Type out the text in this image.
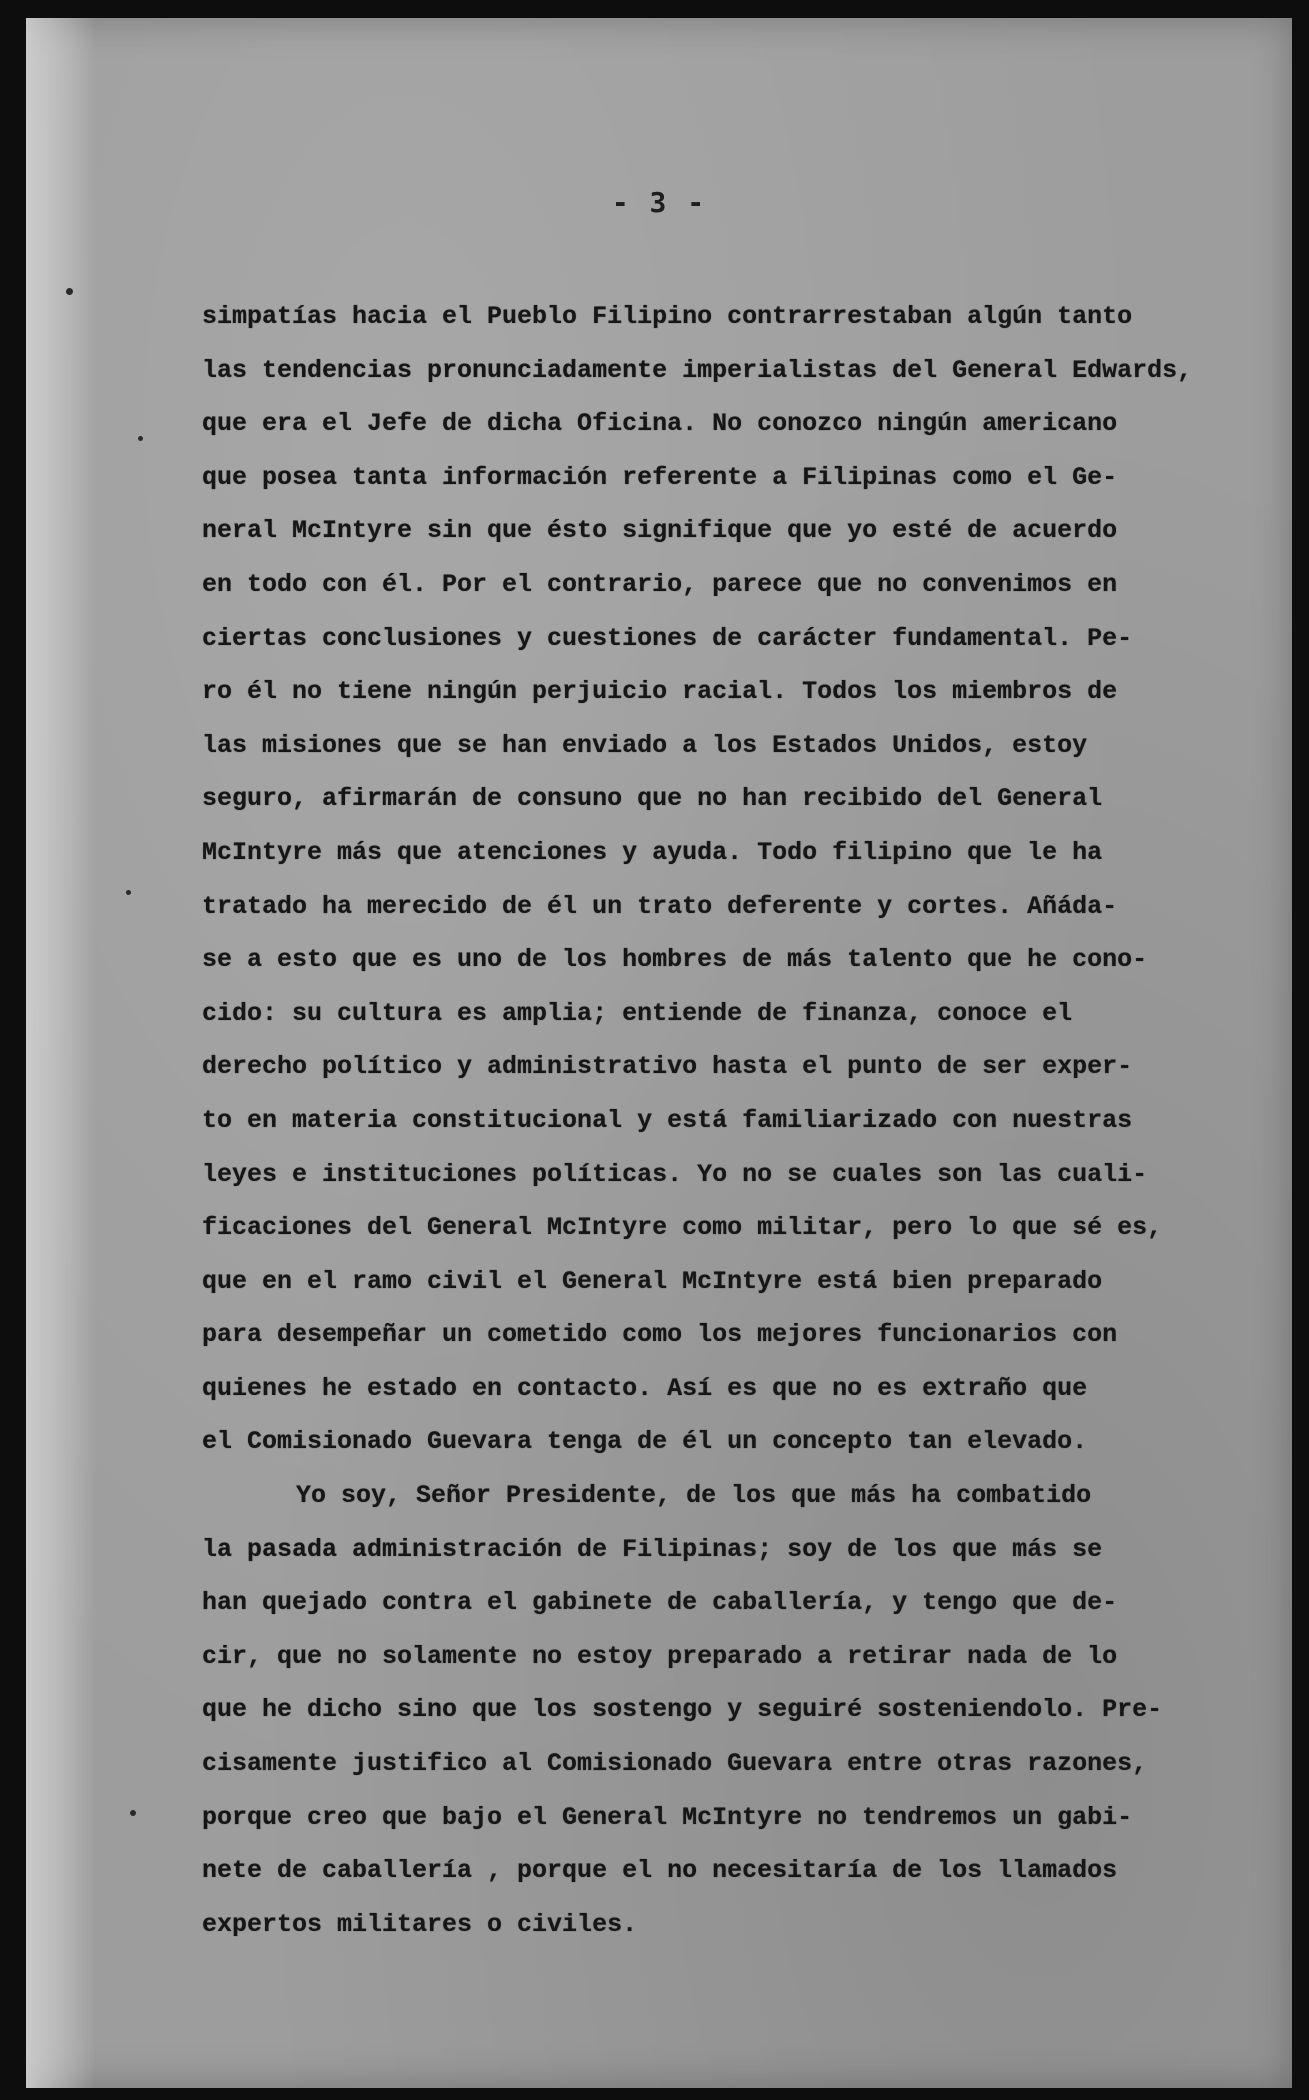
- 3 -
simpatías hacia el Pueblo Filipino contrarrestaban algún tanto
las tendencias pronunciadamente imperialistas del General Edwards,
que era el Jefe de dicha Oficina. No conozco ningún americano
que posea tanta información referente a Filipinas como el Ge-
neral McIntyre sin que ésto signifique que yo esté de acuerdo
en todo con él. Por el contrario, parece que no convenimos en
ciertas conclusiones y cuestiones de carácter fundamental. Pe-
ro él no tiene ningún perjuicio racial. Todos los miembros de
las misiones que se han enviado a los Estados Unidos, estoy
seguro, afirmarán de consuno que no han recibido del General
McIntyre más que atenciones y ayuda. Todo filipino que le ha
tratado ha merecido de él un trato deferente y cortes. Añáda-
se a esto que es uno de los hombres de más talento que he cono-
cido: su cultura es amplia; entiende de finanza, conoce el
derecho político y administrativo hasta el punto de ser exper-
to en materia constitucional y está familiarizado con nuestras
leyes e instituciones políticas. Yo no se cuales son las cuali-
ficaciones del General McIntyre como militar, pero lo que sé es,
que en el ramo civil el General McIntyre está bien preparado
para desempeñar un cometido como los mejores funcionarios con
quienes he estado en contacto. Así es que no es extraño que
el Comisionado Guevara tenga de él un concepto tan elevado.
Yo soy, Señor Presidente, de los que más ha combatido
la pasada administración de Filipinas; soy de los que más se
han quejado contra el gabinete de caballería, y tengo que de-
cir, que no solamente no estoy preparado a retirar nada de lo
que he dicho sino que los sostengo y seguiré sosteniendolo. Pre-
cisamente justifico al Comisionado Guevara entre otras razones,
porque creo que bajo el General McIntyre no tendremos un gabi-
nete de caballería , porque el no necesitaría de los llamados
expertos militares o civiles.
